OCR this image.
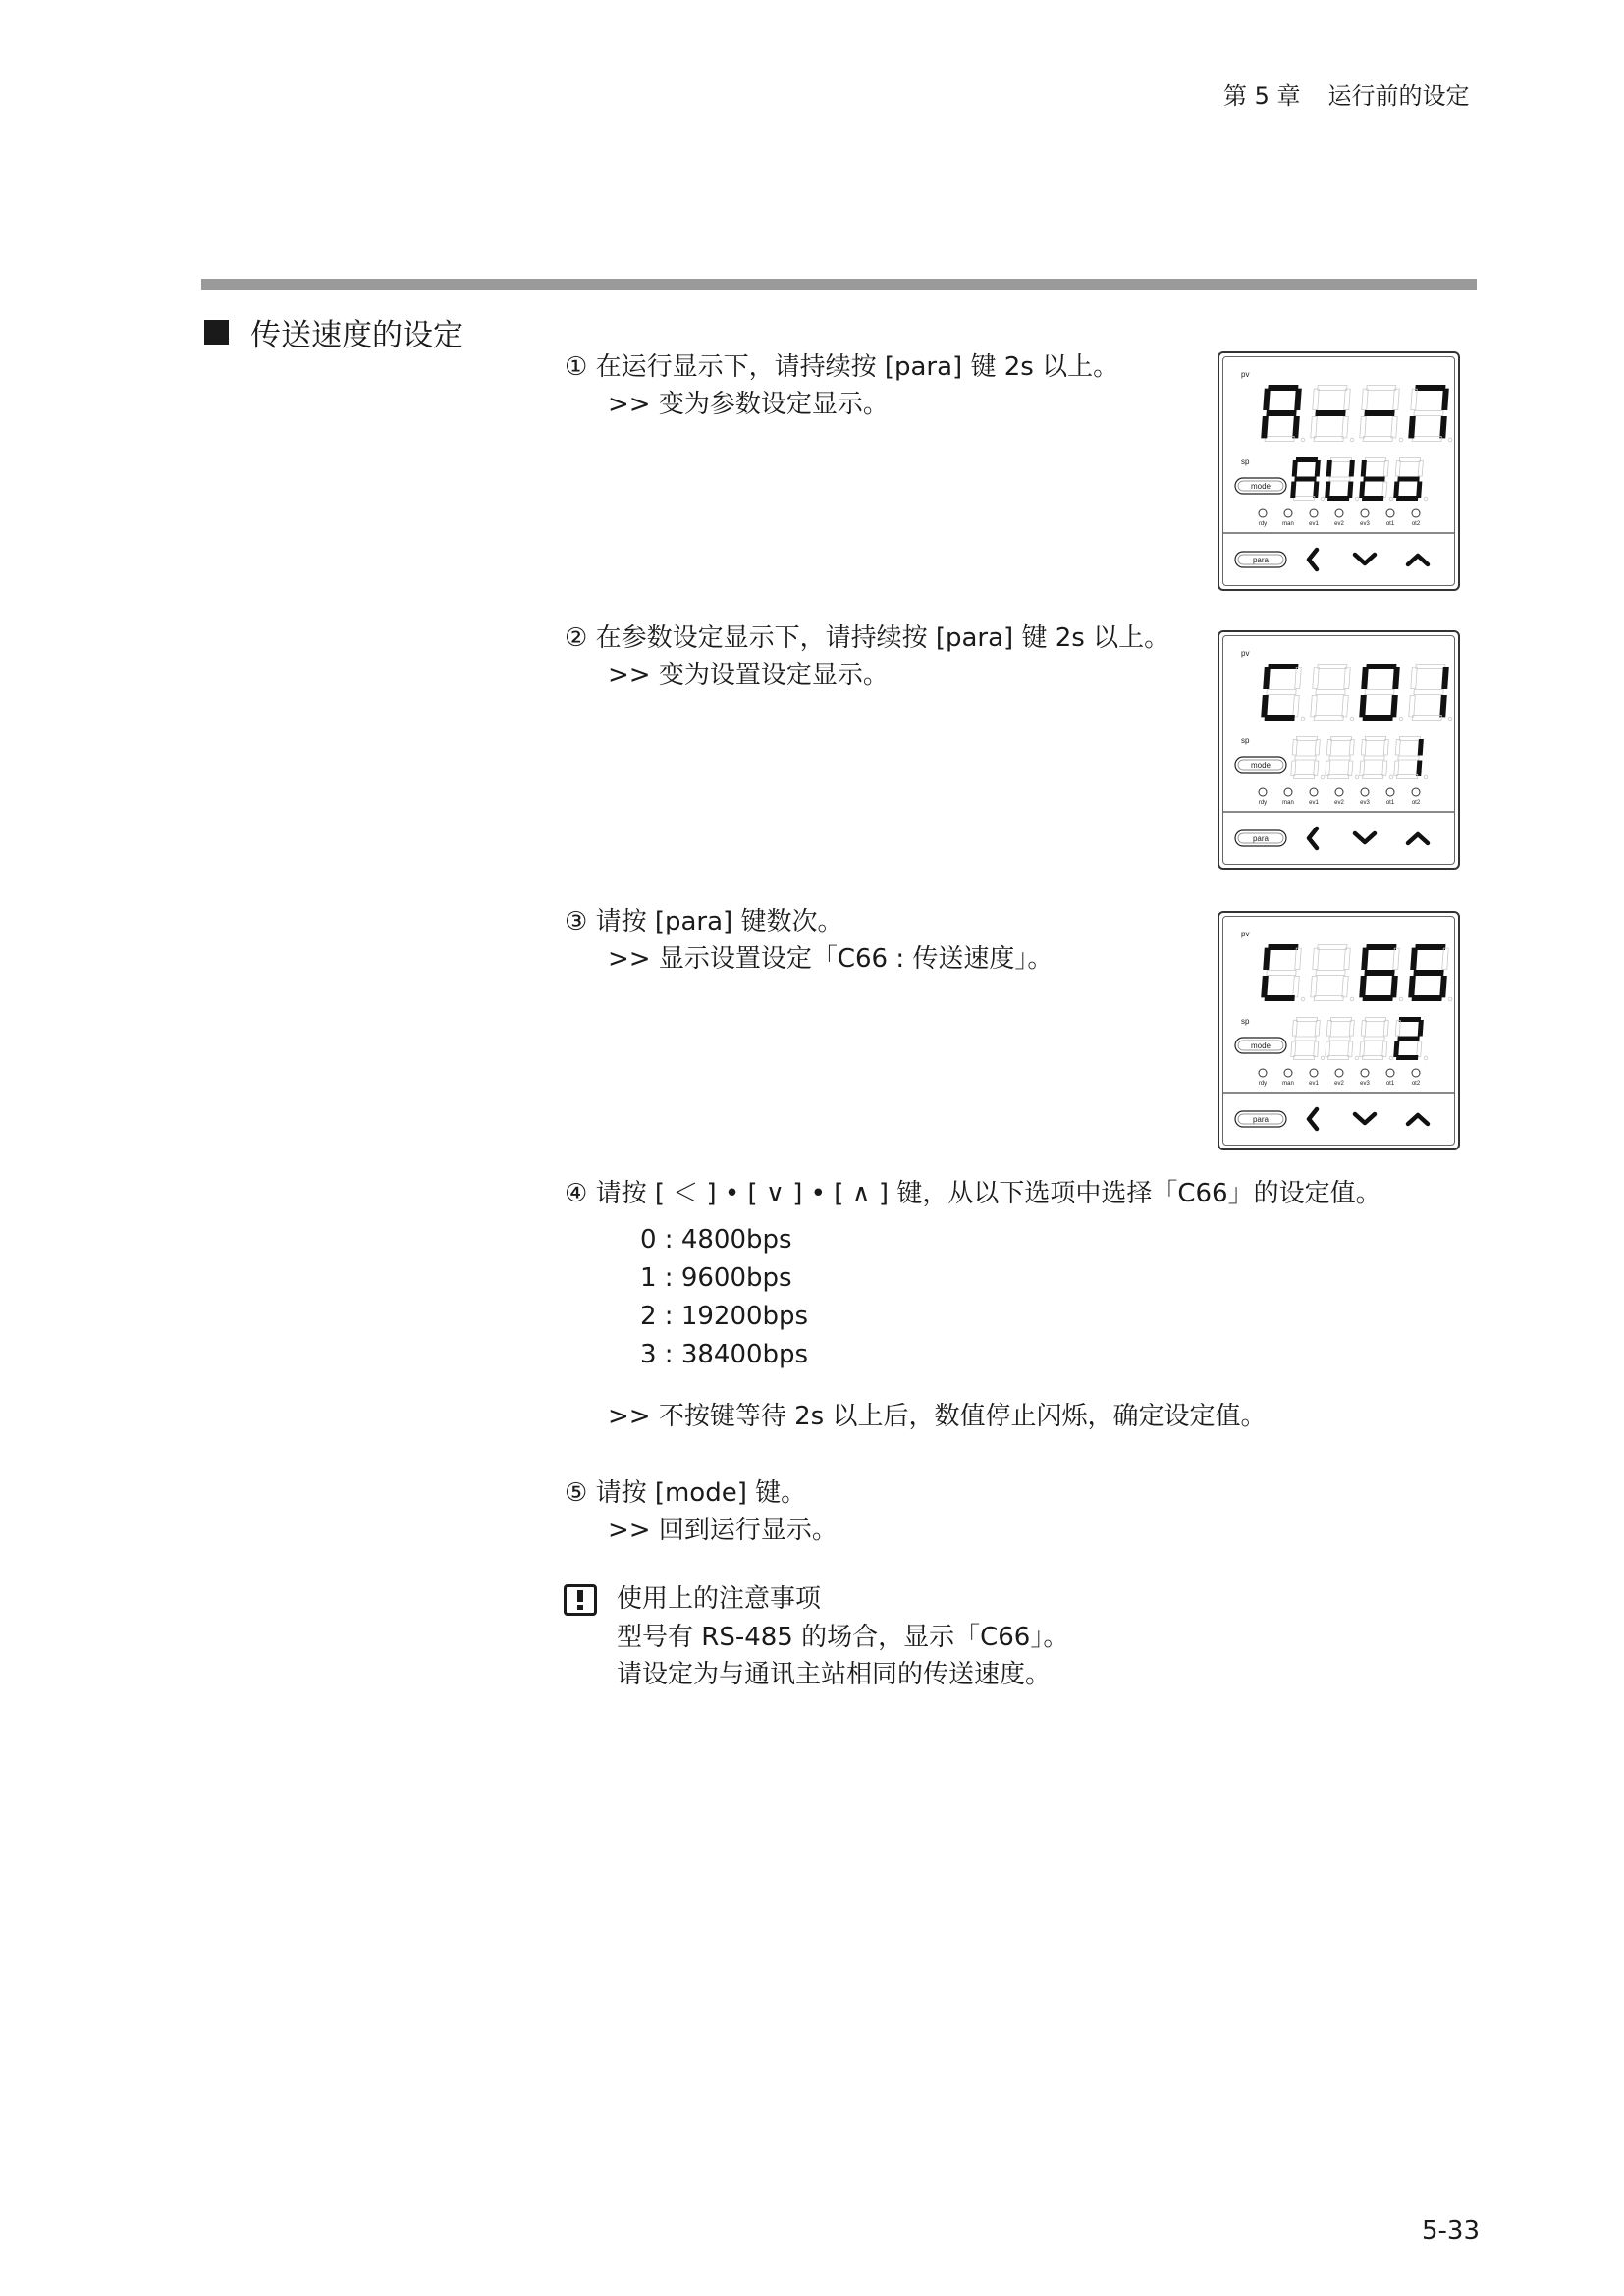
第 5 章 运行前的设定
传送速度的设定
① 在运行显示下，请持续按 [para] 键 2s 以上。
>> 变为参数设定显示。
② 在参数设定显示下，请持续按 [para] 键 2s 以上。
>> 变为设置设定显示。
③ 请按 [para] 键数次。
>> 显示设置设定「C66 : 传送速度」。
④ 请按 [ ＜ ] • [ ∨ ] • [ ∧ ] 键，从以下选项中选择「C66」的设定值。
0 : 4800bps
1 : 9600bps
2 : 19200bps
3 : 38400bps
>> 不按键等待 2s 以上后，数值停止闪烁，确定设定值。
⑤ 请按 [mode] 键。
>> 回到运行显示。
使用上的注意事项
型号有 RS-485 的场合，显示「C66」。
请设定为与通讯主站相同的传送速度。
pv
sp
mode
rdy	man	ev1	ev2	ev3	ot1	ot2
para
pv
sp
mode
rdy	man	ev1	ev2	ev3	ot1	ot2
para
pv
sp
mode
rdy	man	ev1	ev2	ev3	ot1	ot2
para
5-33
